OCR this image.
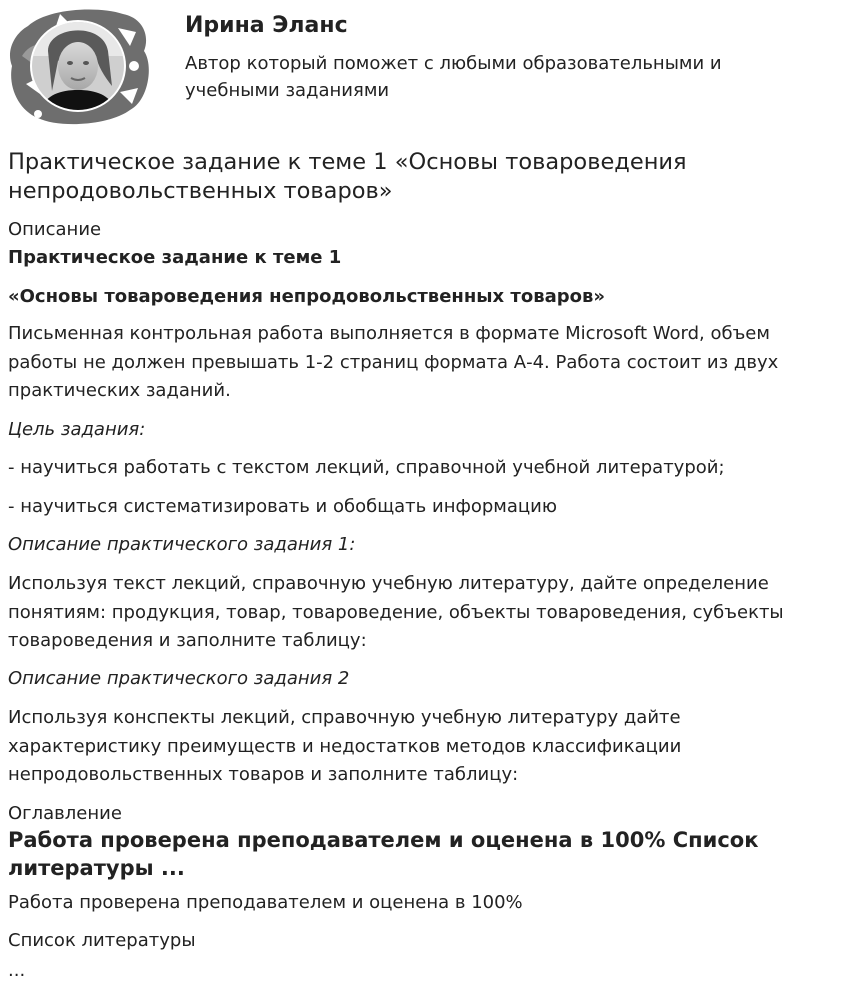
Ирина Эланс
Автор который поможет с любыми образовательными и учебными заданиями
Практическое задание к теме 1 «Основы товароведения непродовольственных товаров»
Описание

Практическое задание к теме 1

«Основы товароведения непродовольственных товаров»

Письменная контрольная работа выполняется в формате Microsoft Word, объем работы не должен превышать 1-2 страниц формата А-4. Работа состоит из двух практических заданий.

Цель задания:

- научиться работать с текстом лекций, справочной учебной литературой;

- научиться систематизировать и обобщать информацию

Описание практического задания 1:

Используя текст лекций, справочную учебную литературу, дайте определение понятиям: продукция, товар, товароведение, объекты товароведения, субъекты товароведения и заполните таблицу:

Описание практического задания 2

Используя конспекты лекций, справочную учебную литературу дайте характеристику преимуществ и недостатков методов классификации непродовольственных товаров и заполните таблицу:

Оглавление
Работа проверена преподавателем и оценена в 100% Список литературы ...

Работа проверена преподавателем и оценена в 100%

Список литературы

...
